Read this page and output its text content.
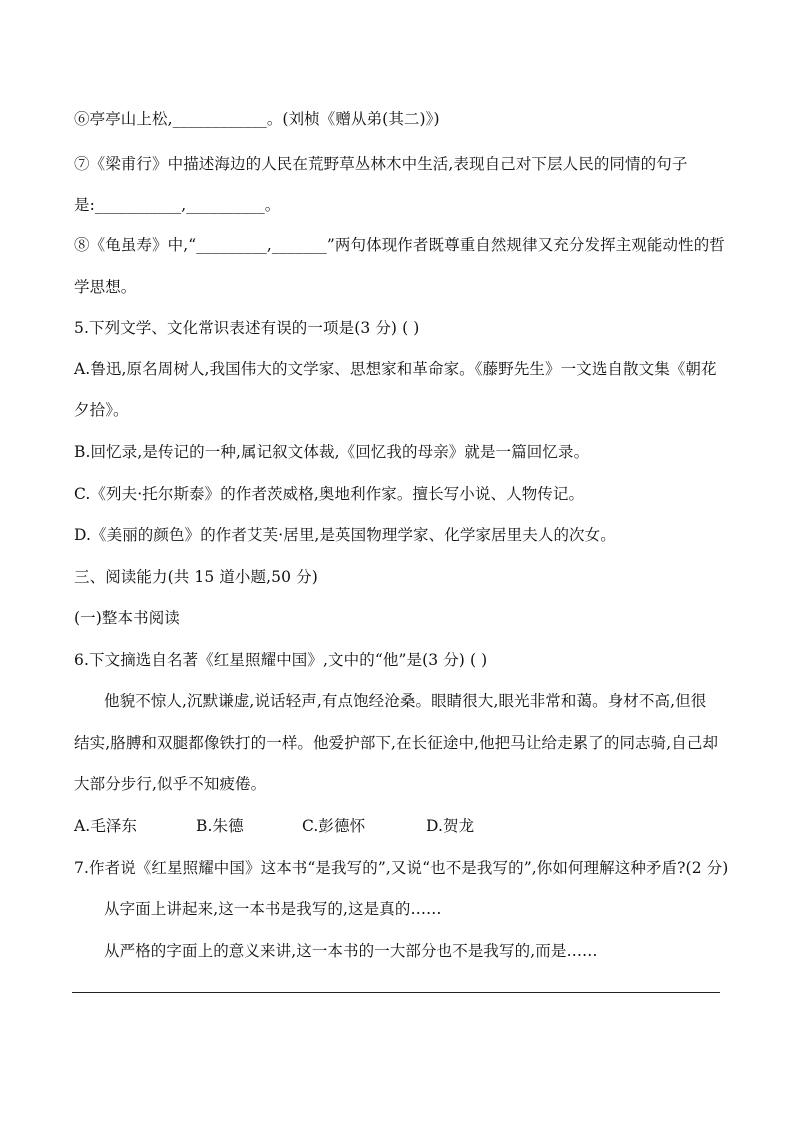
⑥亭亭山上松,____________。(刘桢《赠从弟(其二)》)
⑦《梁甫行》中描述海边的人民在荒野草丛林木中生活,表现自己对下层人民的同情的句子
是:___________,__________。
⑧《龟虽寿》中,“_________,_______”两句体现作者既尊重自然规律又充分发挥主观能动性的哲
学思想。
5.下列文学、文化常识表述有误的一项是(3 分) ( )
A.鲁迅,原名周树人,我国伟大的文学家、思想家和革命家。《藤野先生》一文选自散文集《朝花
夕拾》。
B.回忆录,是传记的一种,属记叙文体裁,《回忆我的母亲》就是一篇回忆录。
C.《列夫·托尔斯泰》的作者茨威格,奥地利作家。擅长写小说、人物传记。
D.《美丽的颜色》的作者艾芙·居里,是英国物理学家、化学家居里夫人的次女。
三、阅读能力(共 15 道小题,50 分)
(一)整本书阅读
6.下文摘选自名著《红星照耀中国》,文中的“他”是(3 分) ( )
他貌不惊人,沉默谦虚,说话轻声,有点饱经沧桑。眼睛很大,眼光非常和蔼。身材不高,但很
结实,胳膊和双腿都像铁打的一样。他爱护部下,在长征途中,他把马让给走累了的同志骑,自己却
大部分步行,似乎不知疲倦。
A.毛泽东	B.朱德	C.彭德怀	D.贺龙
7.作者说《红星照耀中国》这本书“是我写的”,又说“也不是我写的”,你如何理解这种矛盾?(2 分)
从字面上讲起来,这一本书是我写的,这是真的……
从严格的字面上的意义来讲,这一本书的一大部分也不是我写的,而是……
